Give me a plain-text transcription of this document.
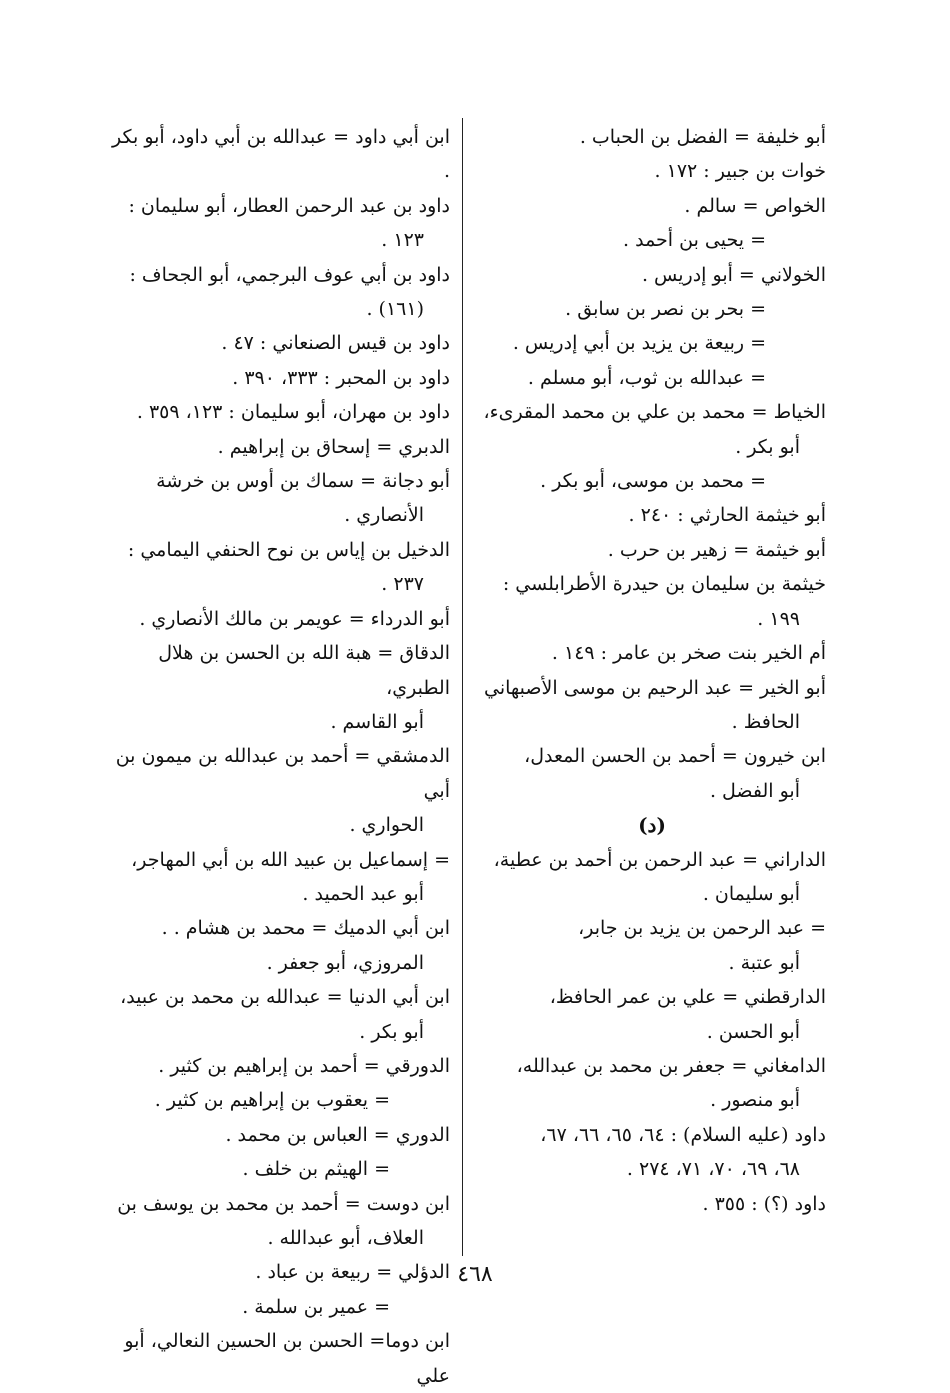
أبو خليفة = الفضل بن الحباب .
خوات بن جبير : ١٧٢ .
الخواص = سالم .
= يحيى بن أحمد .
الخولاني = أبو إدريس .
= بحر بن نصر بن سابق .
= ربيعة بن يزيد بن أبي إدريس .
= عبدالله بن ثوب، أبو مسلم .
الخياط = محمد بن علي بن محمد المقرىء،
أبو بكر .
= محمد بن موسى، أبو بكر .
أبو خيثمة الحارثي : ٢٤٠ .
أبو خيثمة = زهير بن حرب .
خيثمة بن سليمان بن حيدرة الأطرابلسي :
١٩٩ .
أم الخير بنت صخر بن عامر : ١٤٩ .
أبو الخير = عبد الرحيم بن موسى الأصبهاني
الحافظ .
ابن خيرون = أحمد بن الحسن المعدل،
أبو الفضل .
(د)
الداراني = عبد الرحمن بن أحمد بن عطية،
أبو سليمان .
= عبد الرحمن بن يزيد بن جابر،
أبو عتبة .
الدارقطني = علي بن عمر الحافظ،
أبو الحسن .
الدامغاني = جعفر بن محمد بن عبدالله،
أبو منصور .
داود (عليه السلام) : ٦٤، ٦٥، ٦٦، ٦٧،
٦٨، ٦٩، ٧٠، ٧١، ٢٧٤ .
داود (؟) : ٣٥٥ .
ابن أبي داود = عبدالله بن أبي داود، أبو بكر .
داود بن عبد الرحمن العطار، أبو سليمان :
١٢٣ .
داود بن أبي عوف البرجمي، أبو الجحاف :
(١٦١) .
داود بن قيس الصنعاني : ٤٧ .
داود بن المحبر : ٣٣٣، ٣٩٠ .
داود بن مهران، أبو سليمان : ١٢٣، ٣٥٩ .
الدبري = إسحاق بن إبراهيم .
أبو دجانة = سماك بن أوس بن خرشة
الأنصاري .
الدخيل بن إياس بن نوح الحنفي اليمامي :
٢٣٧ .
أبو الدرداء = عويمر بن مالك الأنصاري .
الدقاق = هبة الله بن الحسن بن هلال الطبري،
أبو القاسم .
الدمشقي = أحمد بن عبدالله بن ميمون بن أبي
الحواري .
= إسماعيل بن عبيد الله بن أبي المهاجر،
أبو عبد الحميد .
ابن أبي الدميك = محمد بن هشام . .
المروزي، أبو جعفر .
ابن أبي الدنيا = عبدالله بن محمد بن عبيد،
أبو بكر .
الدورقي = أحمد بن إبراهيم بن كثير .
= يعقوب بن إبراهيم بن كثير .
الدوري = العباس بن محمد .
= الهيثم بن خلف .
ابن دوست = أحمد بن محمد بن يوسف بن
العلاف، أبو عبدالله .
الدؤلي = ربيعة بن عباد .
= عمير بن سلمة .
ابن دوما= الحسن بن الحسين النعالي، أبو علي
٤٦٨
